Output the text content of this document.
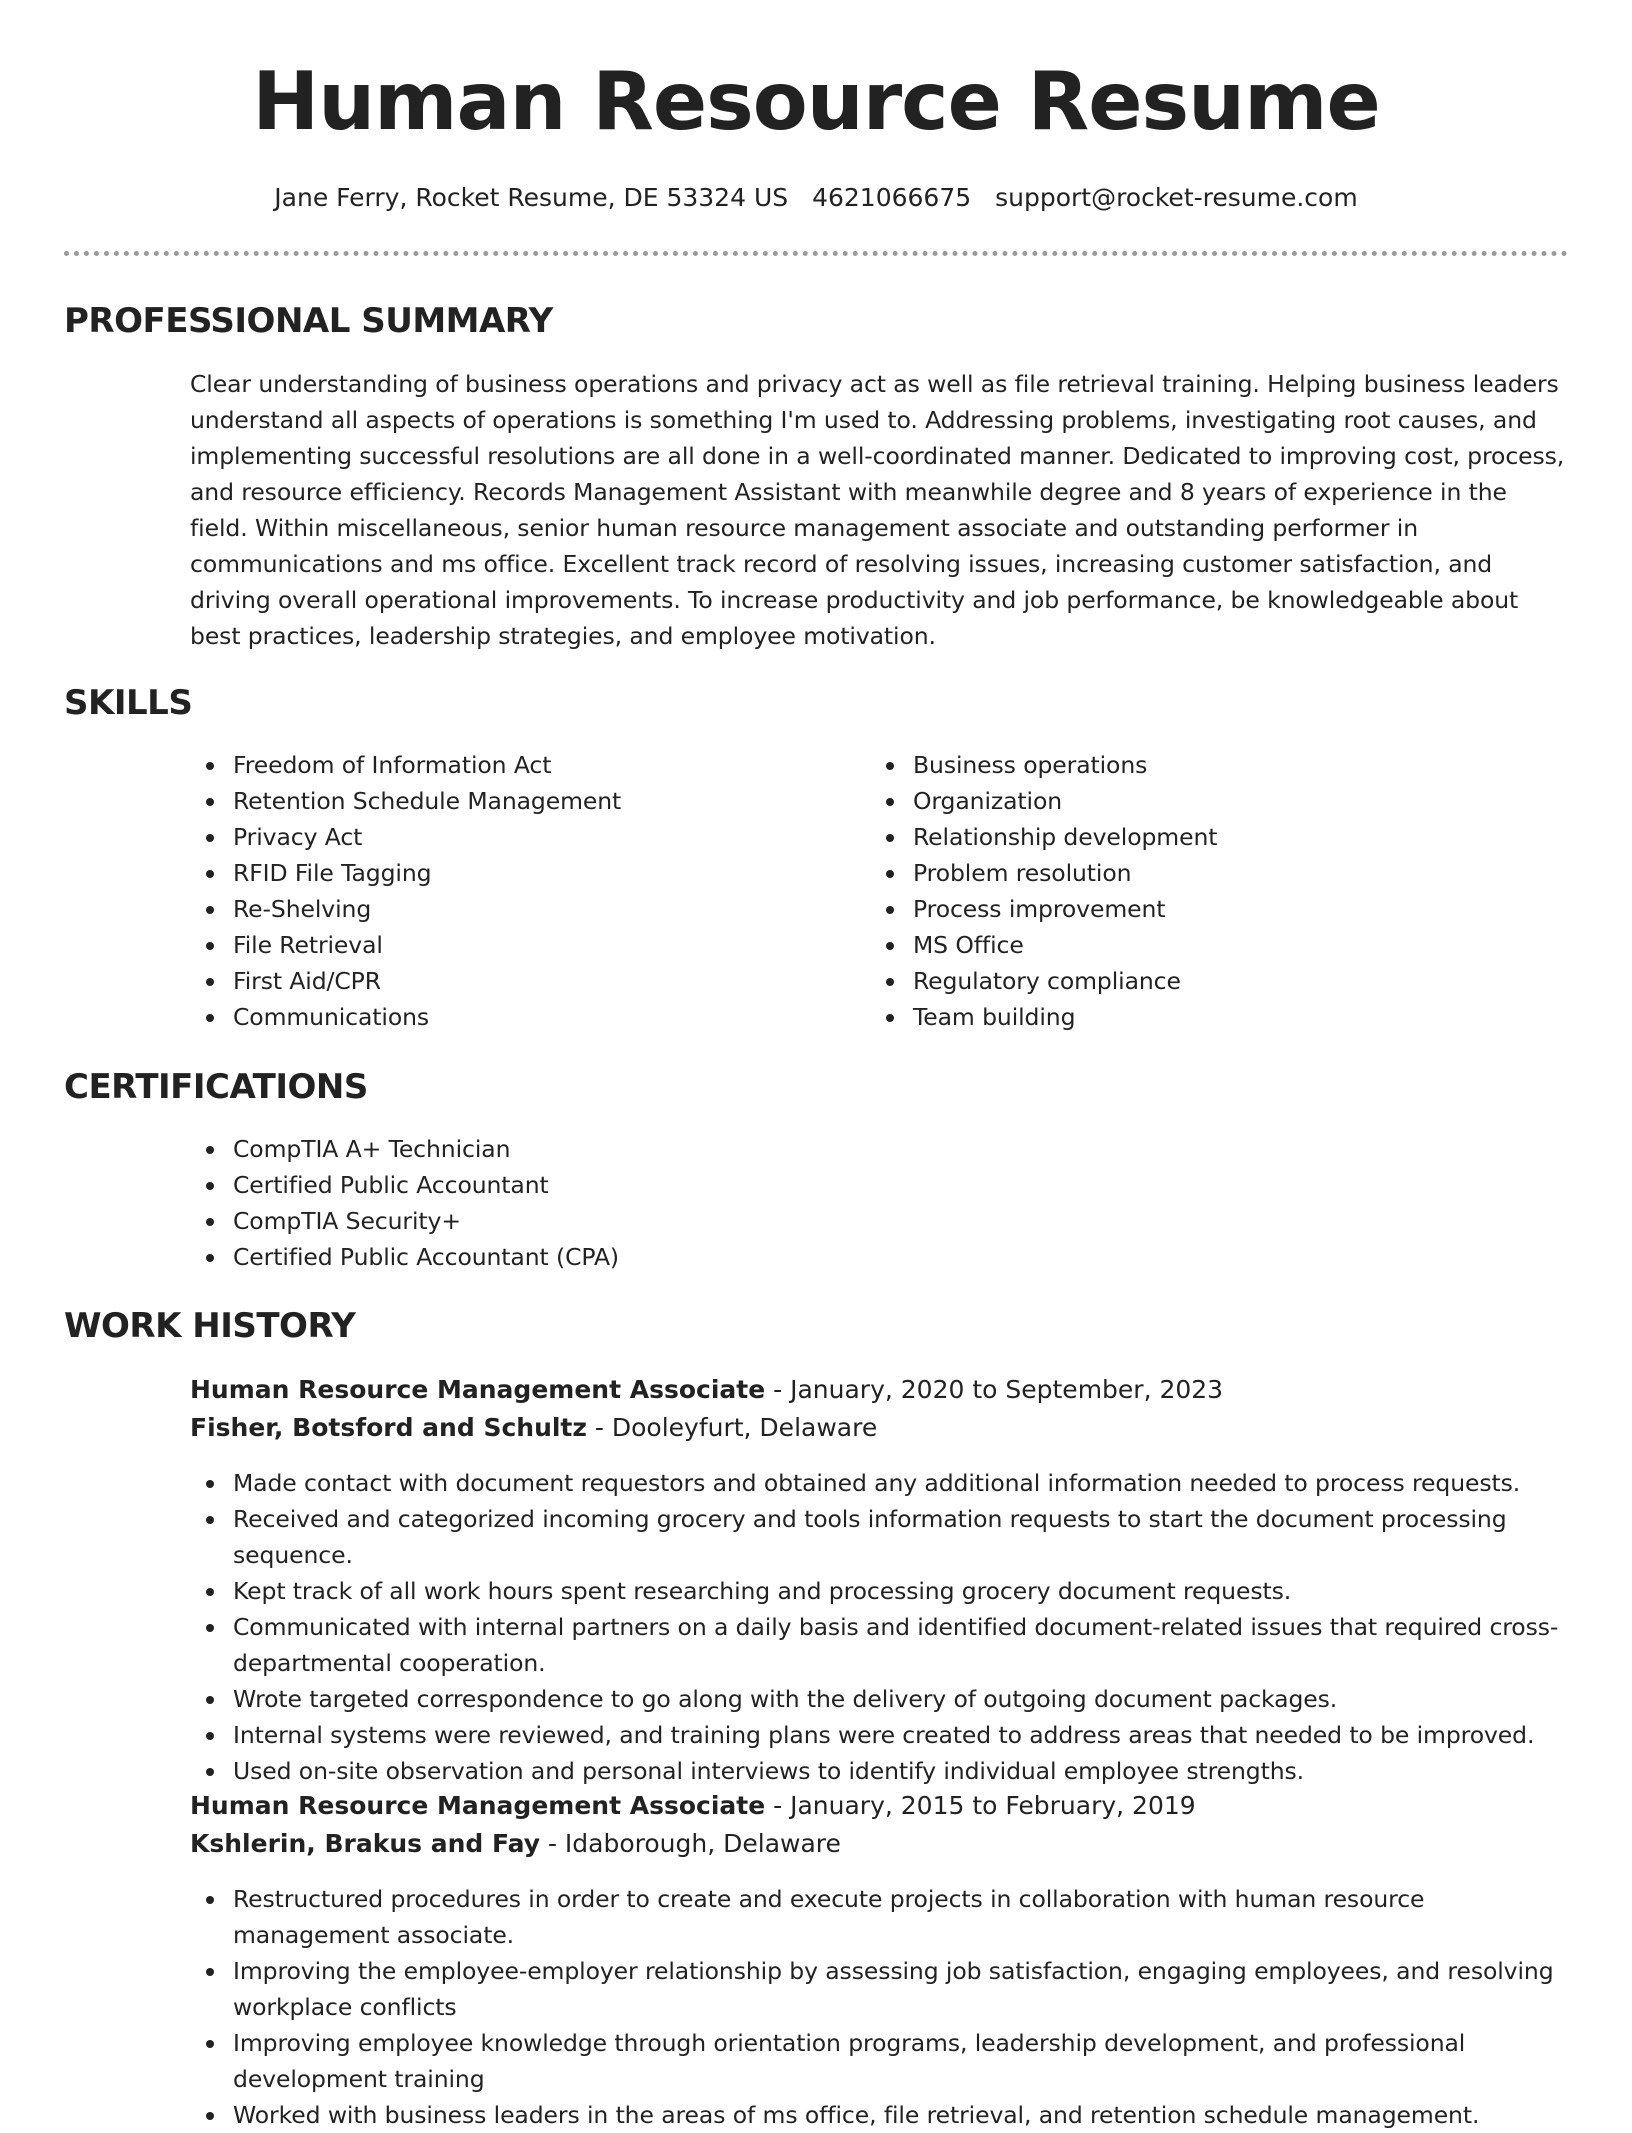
Human Resource Resume
Jane Ferry, Rocket Resume, DE 53324 US 4621066675 support@rocket-resume.com
PROFESSIONAL SUMMARY

Clear understanding of business operations and privacy act as well as file retrieval training. Helping business leaders understand all aspects of operations is something I'm used to. Addressing problems, investigating root causes, and implementing successful resolutions are all done in a well-coordinated manner. Dedicated to improving cost, process, and resource efficiency. Records Management Assistant with meanwhile degree and 8 years of experience in the field. Within miscellaneous, senior human resource management associate and outstanding performer in communications and ms office. Excellent track record of resolving issues, increasing customer satisfaction, and driving overall operational improvements. To increase productivity and job performance, be knowledgeable about best practices, leadership strategies, and employee motivation.

SKILLS
Freedom of Information Act
Retention Schedule Management
Privacy Act
RFID File Tagging
Re-Shelving
File Retrieval
First Aid/CPR
Communications
Business operations
Organization
Relationship development
Problem resolution
Process improvement
MS Office
Regulatory compliance
Team building
CERTIFICATIONS
CompTIA A+ Technician
Certified Public Accountant
CompTIA Security+
Certified Public Accountant (CPA)
WORK HISTORY
Human Resource Management Associate - January, 2020 to September, 2023
Fisher, Botsford and Schultz - Dooleyfurt, Delaware
Made contact with document requestors and obtained any additional information needed to process requests.
Received and categorized incoming grocery and tools information requests to start the document processing sequence.
Kept track of all work hours spent researching and processing grocery document requests.
Communicated with internal partners on a daily basis and identified document-related issues that required cross-departmental cooperation.
Wrote targeted correspondence to go along with the delivery of outgoing document packages.
Internal systems were reviewed, and training plans were created to address areas that needed to be improved.
Used on-site observation and personal interviews to identify individual employee strengths.
Human Resource Management Associate - January, 2015 to February, 2019
Kshlerin, Brakus and Fay - Idaborough, Delaware
Restructured procedures in order to create and execute projects in collaboration with human resource management associate.
Improving the employee-employer relationship by assessing job satisfaction, engaging employees, and resolving workplace conflicts
Improving employee knowledge through orientation programs, leadership development, and professional development training
Worked with business leaders in the areas of ms office, file retrieval, and retention schedule management.
